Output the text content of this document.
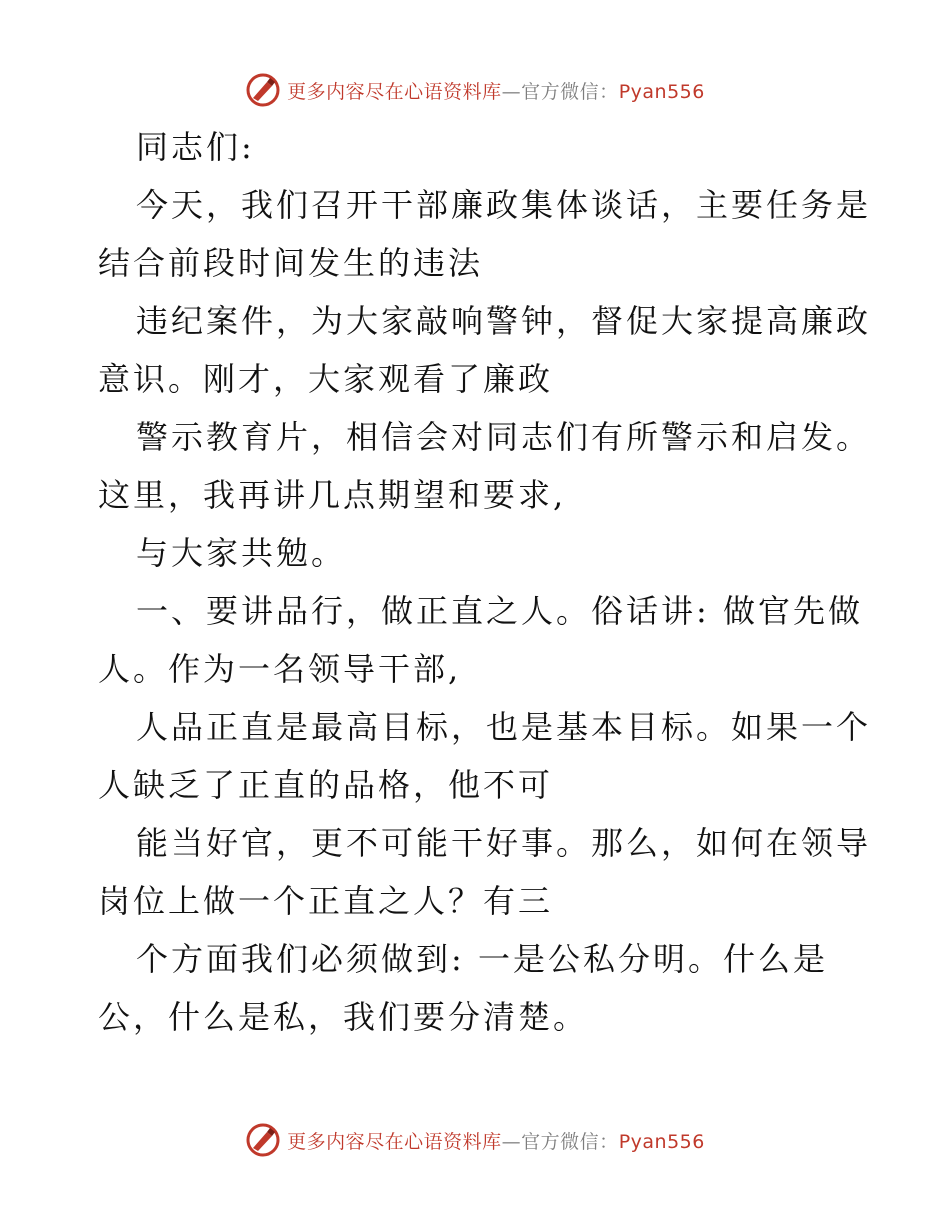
更多内容尽在心语资料库—官方微信：Pyan556
同志们:
今天，我们召开干部廉政集体谈话，主要任务是
结合前段时间发生的违法
违纪案件，为大家敲响警钟，督促大家提高廉政
意识。刚才，大家观看了廉政
警示教育片，相信会对同志们有所警示和启发。
这里，我再讲几点期望和要求,
与大家共勉。
一、要讲品行，做正直之人。俗话讲: 做官先做
人。作为一名领导干部,
人品正直是最高目标，也是基本目标。如果一个
人缺乏了正直的品格，他不可
能当好官，更不可能干好事。那么，如何在领导
岗位上做一个正直之人？有三
个方面我们必须做到: 一是公私分明。什么是
公，什么是私，我们要分清楚。
更多内容尽在心语资料库—官方微信：Pyan556
